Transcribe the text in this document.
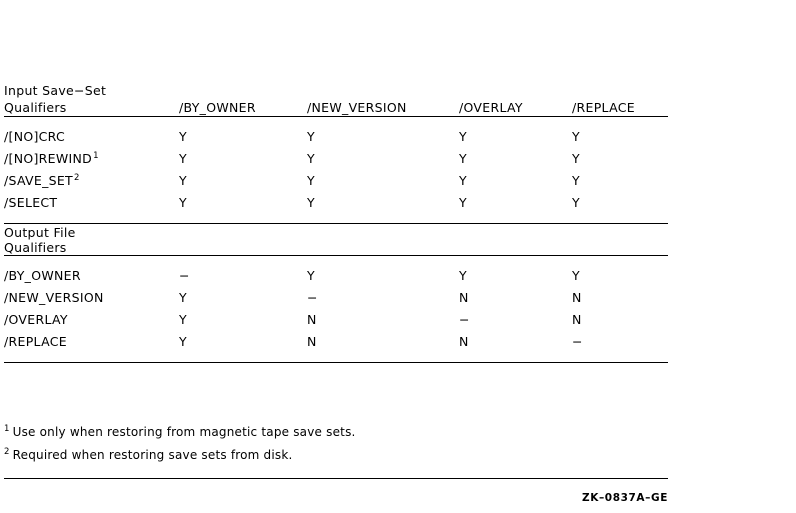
Input Save−Set
Qualifiers	/BY_OWNER	/NEW_VERSION	/OVERLAY	/REPLACE

/[NO]CRC	Y	Y	Y	Y
/[NO]REWIND$^1$	Y	Y	Y	Y
/SAVE_SET$^2$	Y	Y	Y	Y
/SELECT	Y	Y	Y	Y

Output File
Qualifiers				

/BY_OWNER	−	Y	Y	Y
/NEW_VERSION	Y	−	N	N
/OVERLAY	Y	N	−	N
/REPLACE	Y	N	N	−

$^1$ Use only when restoring from magnetic tape save sets.

$^2$ Required when restoring save sets from disk.

ZK–0837A–GE
